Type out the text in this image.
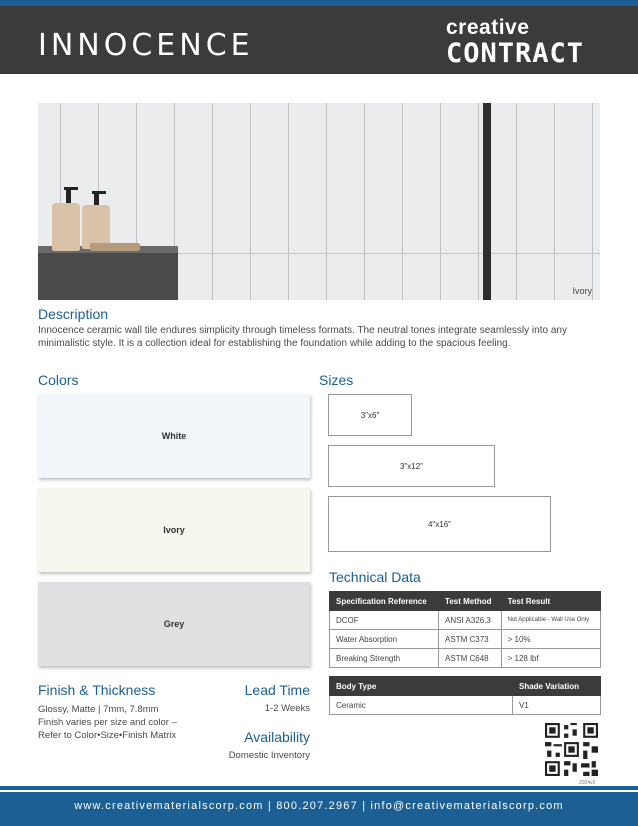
INNOCENCE
creative
CONTRACT
Ivory
Description
Innocence ceramic wall tile endures simplicity through timeless formats. The neutral tones integrate seamlessly into any minimalistic style. It is a collection ideal for establishing the foundation while adding to the spacious feeling.
Colors
White
Ivory
Grey
Sizes
3"x6"
3"x12"
4"x16"
Technical Data
Specification Reference	Test Method	Test Result
DCOF	ANSI A326.3	Not Applicable - Wall Use Only
Water Absorption	ASTM C373	> 10%
Breaking Strength	ASTM C648	> 128 lbf
Body Type	Shade Variation
Ceramic	V1
Finish & Thickness
Glossy, Matte | 7mm, 7.8mm
Finish varies per size and color –
Refer to Color•Size•Finish Matrix
Lead Time
1-2 Weeks
Availability
Domestic Inventory
2024v2
www.creativematerialscorp.com | 800.207.2967 | info@creativematerialscorp.com
